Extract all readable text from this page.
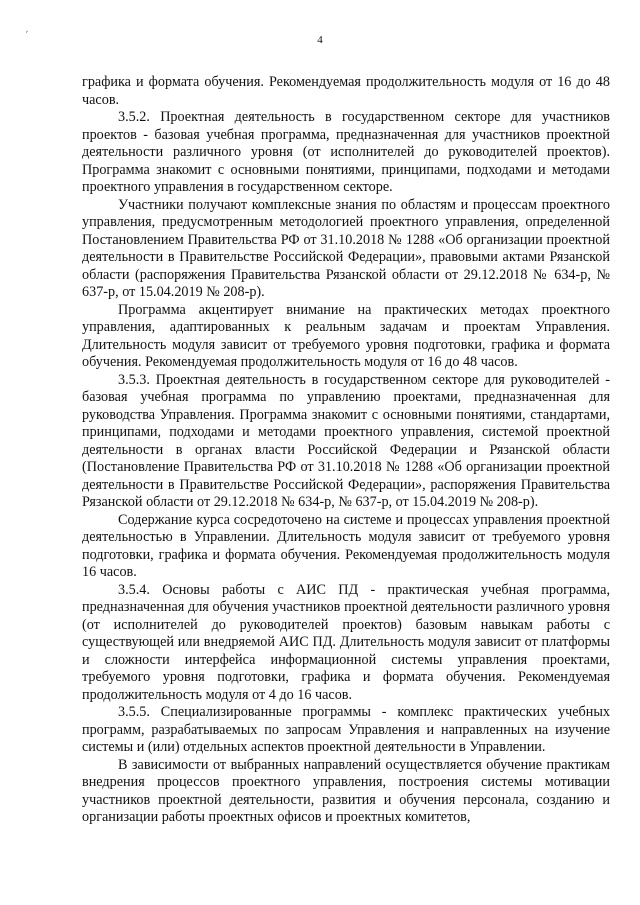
ʹ	4

графика и формата обучения. Рекомендуемая продолжительность модуля от 16 до 48 часов.

3.5.2. Проектная деятельность в государственном секторе для участников проектов - базовая учебная программа, предназначенная для участников проектной деятельности различного уровня (от исполнителей до руководителей проектов). Программа знакомит с основными понятиями, принципами, подходами и методами проектного управления в государственном секторе.

Участники получают комплексные знания по областям и процессам проектного управления, предусмотренным методологией проектного управления, определенной Постановлением Правительства РФ от 31.10.2018 № 1288 «Об организации проектной деятельности в Правительстве Российской Федерации», правовыми актами Рязанской области (распоряжения Правительства Рязанской области от 29.12.2018 № 634-р, № 637-р, от 15.04.2019 № 208-р).

Программа акцентирует внимание на практических методах проектного управления, адаптированных к реальным задачам и проектам Управления. Длительность модуля зависит от требуемого уровня подготовки, графика и формата обучения. Рекомендуемая продолжительность модуля от 16 до 48 часов.

3.5.3. Проектная деятельность в государственном секторе для руководителей - базовая учебная программа по управлению проектами, предназначенная для руководства Управления. Программа знакомит с основными понятиями, стандартами, принципами, подходами и методами проектного управления, системой проектной деятельности в органах власти Российской Федерации и Рязанской области (Постановление Правительства РФ от 31.10.2018 № 1288 «Об организации проектной деятельности в Правительстве Российской Федерации», распоряжения Правительства Рязанской области от 29.12.2018 № 634-р, № 637-р, от 15.04.2019 № 208-р).

Содержание курса сосредоточено на системе и процессах управления проектной деятельностью в Управлении. Длительность модуля зависит от требуемого уровня подготовки, графика и формата обучения. Рекомендуемая продолжительность модуля 16 часов.

3.5.4. Основы работы с АИС ПД - практическая учебная программа, предназначенная для обучения участников проектной деятельности различного уровня (от исполнителей до руководителей проектов) базовым навыкам работы с существующей или внедряемой АИС ПД. Длительность модуля зависит от платформы и сложности интерфейса информационной системы управления проектами, требуемого уровня подготовки, графика и формата обучения. Рекомендуемая продолжительность модуля от 4 до 16 часов.

3.5.5. Специализированные программы - комплекс практических учебных программ, разрабатываемых по запросам Управления и направленных на изучение системы и (или) отдельных аспектов проектной деятельности в Управлении.

В зависимости от выбранных направлений осуществляется обучение практикам внедрения процессов проектного управления, построения системы мотивации участников проектной деятельности, развития и обучения персонала, созданию и организации работы проектных офисов и проектных комитетов,
